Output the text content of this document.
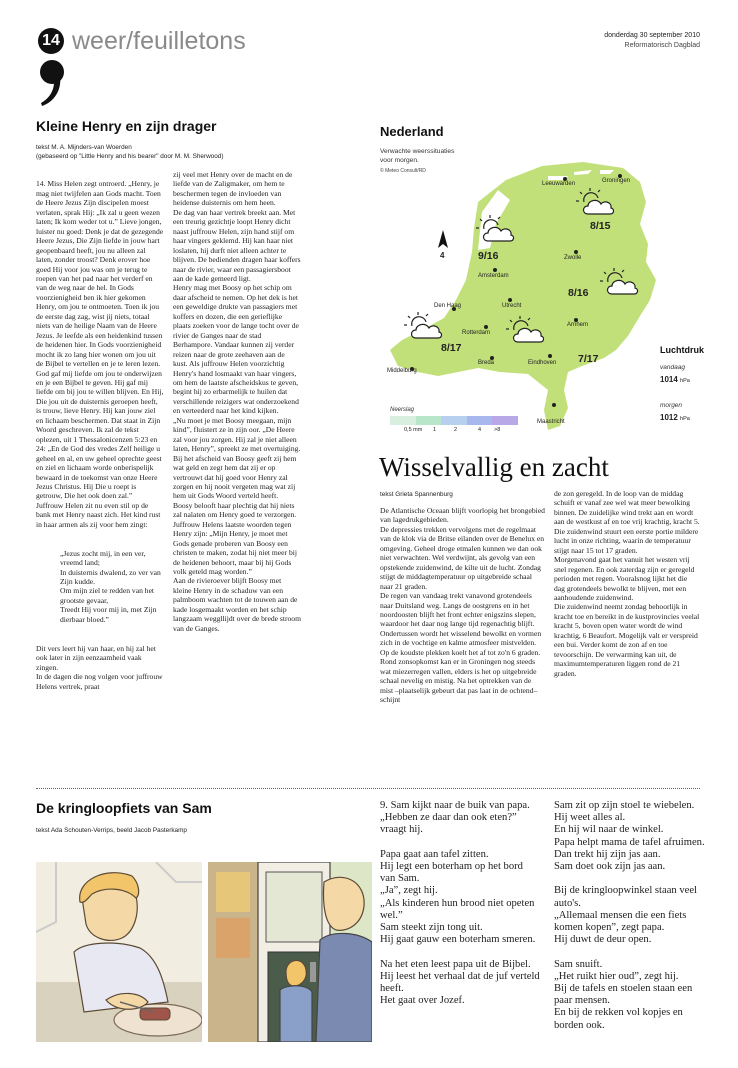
14 weer/feuilletons	donderdag 30 september 2010
Reformatorisch Dagblad
Kleine Henry en zijn drager
tekst M. A. Mijnders-van Woerden
(gebaseerd op "Little Henry and his bearer" door M. M. Sherwood)

14. Miss Helen zegt ontroerd. „Henry, je mag niet twijfelen aan Gods macht. Toen de Heere Jezus Zijn discipelen moest verlaten, sprak Hij: „Ik zal u geen wezen laten; Ik kom weder tot u.” Lieve jongen, luister nu goed: Denk je dat de gezegende Heere Jezus, Die Zijn liefde in jouw hart geopenbaard heeft, jou nu alleen zal laten, zonder troost? Denk erover hoe goed Hij voor jou was om je terug te roepen van het pad naar het verderf en van de weg naar de hel. In Gods voorzienigheid ben ik hier gekomen Henry, om jou te ontmoeten. Toen ik jou de eerste dag zag, wist jij niets, totaal niets van de heilige Naam van de Heere Jezus. Je leefde als een heidenkind tussen de heidenen hier. In Gods voorzienigheid mocht ik zo lang hier wonen om jou uit de Bijbel te vertellen en je te leren lezen. God gaf mij liefde om jou te onderwijzen en je een Bijbel te geven. Hij gaf mij liefde om bij jou te willen blijven. En Hij, Die jou uit de duisternis geroepen heeft, is trouw, lieve Henry. Hij kan jouw ziel en lichaam beschermen. Dat staat in Zijn Woord geschreven. Ik zal de tekst oplezen, uit 1 Thessalonicenzen 5:23 en 24: „En de God des vredes Zelf heilige u geheel en al, en uw geheel oprechte geest en ziel en lichaam worde onberispelijk bewaard in de toekomst van onze Heere Jezus Christus. Hij Die u roept is getrouw, Die het ook doen zal.”
Juffrouw Helen zit nu even stil op de bank met Henry naast zich. Het kind rust in haar armen als zij voor hem zingt:

„Jezus zocht mij, in een ver, vreemd land;
In duisternis dwalend, zo ver van Zijn kudde.
Om mijn ziel te redden van het grootste gevaar,
Treedt Hij voor mij in, met Zijn dierbaar bloed.”

Dit vers leert hij van haar, en hij zal het ook later in zijn eenzaamheid vaak zingen.
In de dagen die nog volgen voor juffrouw Helens vertrek, praat

zij veel met Henry over de macht en de liefde van de Zaligmaker, om hem te beschermen tegen de invloeden van heidense duisternis om hem heen.
De dag van haar vertrek breekt aan. Met een treurig gezichtje loopt Henry dicht naast juffrouw Helen, zijn hand stijf om haar vingers geklemd. Hij kan haar niet loslaten, hij durft niet alleen achter te blijven. De bedienden dragen haar koffers naar de rivier, waar een passagiersboot aan de kade gemeerd ligt.
Henry mag met Boosy op het schip om daar afscheid te nemen. Op het dek is het een geweldige drukte van passagiers met koffers en dozen, die een gerieflijke plaats zoeken voor de lange tocht over de rivier de Ganges naar de stad Berhampore. Vandaar kunnen zij verder reizen naar de grote zeehaven aan de kust. Als juffrouw Helen voorzichtig Henry's hand losmaakt van haar vingers, om hem de laatste afscheidskus te geven, begint hij zo erbarmelijk te huilen dat verschillende reizigers wat onderzoekend en verteederd naar het kind kijken.
„Nu moet je met Boosy meegaan, mijn kind”, fluistert ze in zijn oor. „De Heere zal voor jou zorgen. Hij zal je niet alleen laten, Henry”, spreekt ze met overtuiging.
Bij het afscheid van Boosy geeft zij hem wat geld en zegt hem dat zij er op vertrouwt dat hij goed voor Henry zal zorgen en hij nooit vergeten mag wat zij hem uit Gods Woord verteld heeft.
Boosy belooft haar plechtig dat hij niets zal nalaten om Henry goed te verzorgen.
Juffrouw Helens laatste woorden tegen Henry zijn: „Mijn Henry, je moet met Gods genade proberen van Boosy een christen te maken, zodat hij niet meer bij de heidenen behoort, maar bij hij Gods volk geteld mag worden.”
Aan de rivieroever blijft Boosy met kleine Henry in de schaduw van een palmboom wachten tot de touwen aan de kade losgemaakt worden en het schip langzaam weggllijdt over de brede stroom van de Ganges.
Nederland
Verwachte weerssituaties voor morgen.
© Meteo Consult/RD
4
Leeuwarden	Groningen
Zwolle
Amsterdam
Den Haag	Utrecht
Rotterdam
Arnhem
Breda	Eindhoven
Middelburg
Maastricht
8/15
9/16
8/16
8/17
7/17
Luchtdruk
vandaag
1014 hPa
morgen
1012 hPa
Neerslag
0,5 mm 1	2	4 >8
Wisselvallig en zacht
tekst Grieta Spannenburg
De Atlantische Oceaan blijft voorlopig het brongebied van lagedrukgebieden.
De depressies trekken vervolgens met de regelmaat van de klok via de Britse eilanden over de Benelux en omgeving. Geheel droge etmalen kunnen we dan ook niet verwachten. Wel verdwijnt, als gevolg van een opstekende zuidenwind, de kilte uit de lucht. Zondag stijgt de middagtemperatuur op uitgebreide schaal naar 21 graden.
De regen van vandaag trekt vanavond grotendeels naar Duitsland weg. Langs de oostgrens en in het noordoosten blijft het front echter enigszins slepen, waardoor het daar nog lange tijd regenachtig blijft. Ondertussen wordt het wisselend bewolkt en vormen zich in de vochtige en kalme atmosfeer mistvelden. Op de koudste plekken koelt het af tot zo'n 6 graden.
Rond zonsopkomst kan er in Groningen nog steeds wat miezerregen vallen, elders is het op uitgebreide schaal nevelig en mistig. Na het optrekken van de mist –plaatselijk gebeurt dat pas laat in de ochtend– schijnt
de zon geregeld. In de loop van de middag schuift er vanaf zee wel wat meer bewolking binnen. De zuidelijke wind trekt aan en wordt aan de westkust af en toe vrij krachtig, kracht 5. Die zuidenwind stuurt een eerste portie mildere lucht in onze richting, waarin de temperatuur stijgt naar 15 tot 17 graden.
Morgenavond gaat het vanuit het westen vrij snel regenen. En ook zaterdag zijn er geregeld perioden met regen. Vooralsnog lijkt het die dag grotendeels bewolkt te blijven, met een aanhoudende zuidenwind.
Die zuidenwind neemt zondag behoorlijk in kracht toe en bereikt in de kustprovincies veelal kracht 5, boven open water wordt de wind krachtig, 6 Beaufort. Mogelijk valt er verspreid een bui. Verder komt de zon af en toe tevoorschijn. De verwarming kan uit, de maximumtemperaturen liggen rond de 21 graden.
De kringloopfiets van Sam
tekst Ada Schouten-Verrips, beeld Jacob Pasterkamp
9. Sam kijkt naar de buik van papa.
„Hebben ze daar dan ook eten?” vraagt hij.

Papa gaat aan tafel zitten.
Hij legt een boterham op het bord van Sam.
„Ja”, zegt hij.
„Als kinderen hun brood niet opeten wel.”
Sam steekt zijn tong uit.
Hij gaat gauw een boterham smeren.

Na het eten leest papa uit de Bijbel.
Hij leest het verhaal dat de juf verteld heeft.
Het gaat over Jozef.
Sam zit op zijn stoel te wiebelen. Hij weet alles al.
En hij wil naar de winkel.
Papa helpt mama de tafel afruimen.
Dan trekt hij zijn jas aan.
Sam doet ook zijn jas aan.

Bij de kringloopwinkel staan veel auto's.
„Allemaal mensen die een fiets komen kopen”, zegt papa.
Hij duwt de deur open.

Sam snuift.
„Het ruikt hier oud”, zegt hij.
Bij de tafels en stoelen staan een paar mensen.
En bij de rekken vol kopjes en borden ook.
